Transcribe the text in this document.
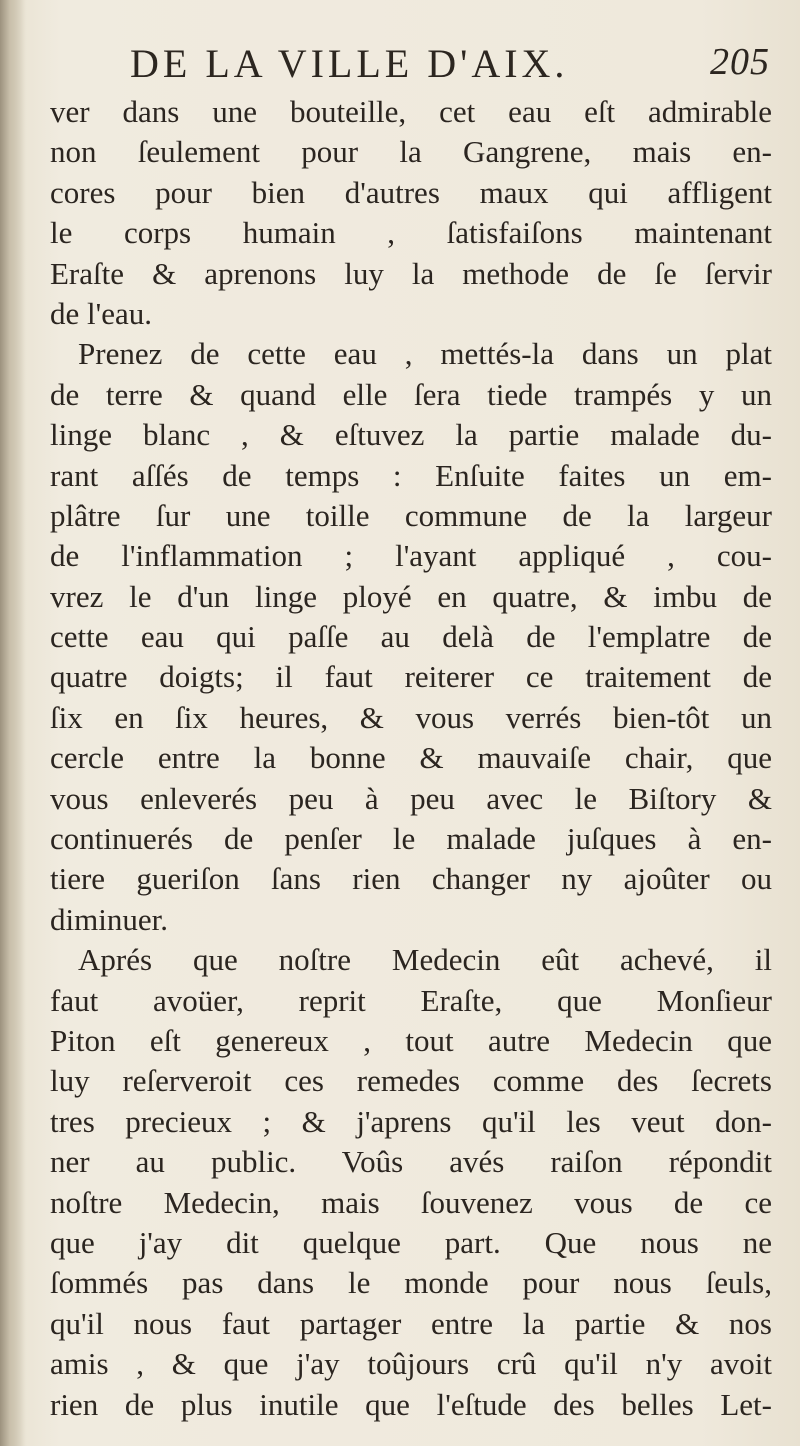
DE LA VILLE D'AIX.	205
ver dans une bouteille, cet eau eſt admirable
non ſeulement pour la Gangrene, mais en-
cores pour bien d'autres maux qui affligent
le corps humain , ſatisfaiſons maintenant
Eraſte & aprenons luy la methode de ſe ſervir
de l'eau.
Prenez de cette eau , mettés-la dans un plat
de terre & quand elle ſera tiede trampés y un
linge blanc , & eſtuvez la partie malade du-
rant aſſés de temps : Enſuite faites un em-
plâtre ſur une toille commune de la largeur
de l'inflammation ; l'ayant appliqué , cou-
vrez le d'un linge ployé en quatre, & imbu de
cette eau qui paſſe au delà de l'emplatre de
quatre doigts; il faut reiterer ce traitement de
ſix en ſix heures, & vous verrés bien-tôt un
cercle entre la bonne & mauvaiſe chair, que
vous enleverés peu à peu avec le Biſtory &
continuerés de penſer le malade juſques à en-
tiere gueriſon ſans rien changer ny ajoûter ou
diminuer.
Aprés que noſtre Medecin eût achevé, il
faut avoüer, reprit Eraſte, que Monſieur
Piton eſt genereux , tout autre Medecin que
luy reſerveroit ces remedes comme des ſecrets
tres precieux ; & j'aprens qu'il les veut don-
ner au public. Voûs avés raiſon répondit
noſtre Medecin, mais ſouvenez vous de ce
que j'ay dit quelque part. Que nous ne
ſommés pas dans le monde pour nous ſeuls,
qu'il nous faut partager entre la partie & nos
amis , & que j'ay toûjours crû qu'il n'y avoit
rien de plus inutile que l'eſtude des belles Let-
